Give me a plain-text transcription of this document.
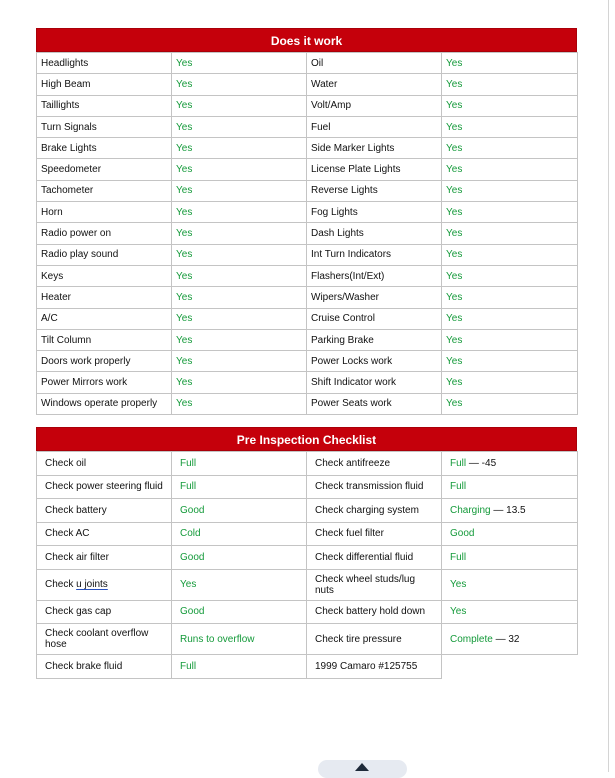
Does it work
Headlights	Yes	Oil	Yes
High Beam	Yes	Water	Yes
Taillights	Yes	Volt/Amp	Yes
Turn Signals	Yes	Fuel	Yes
Brake Lights	Yes	Side Marker Lights	Yes
Speedometer	Yes	License Plate Lights	Yes
Tachometer	Yes	Reverse Lights	Yes
Horn	Yes	Fog Lights	Yes
Radio power on	Yes	Dash Lights	Yes
Radio play sound	Yes	Int Turn Indicators	Yes
Keys	Yes	Flashers(Int/Ext)	Yes
Heater	Yes	Wipers/Washer	Yes
A/C	Yes	Cruise Control	Yes
Tilt Column	Yes	Parking Brake	Yes
Doors work properly	Yes	Power Locks work	Yes
Power Mirrors work	Yes	Shift Indicator work	Yes
Windows operate properly	Yes	Power Seats work	Yes
Pre Inspection Checklist
Check oil	Full	Check antifreeze	Full — -45
Check power steering fluid	Full	Check transmission fluid	Full
Check battery	Good	Check charging system	Charging — 13.5
Check AC	Cold	Check fuel filter	Good
Check air filter	Good	Check differential fluid	Full
Check u joints	Yes	Check wheel studs/lug nuts	Yes
Check gas cap	Good	Check battery hold down	Yes
Check coolant overflow hose	Runs to overflow	Check tire pressure	Complete — 32
Check brake fluid	Full	1999 Camaro #125755	
